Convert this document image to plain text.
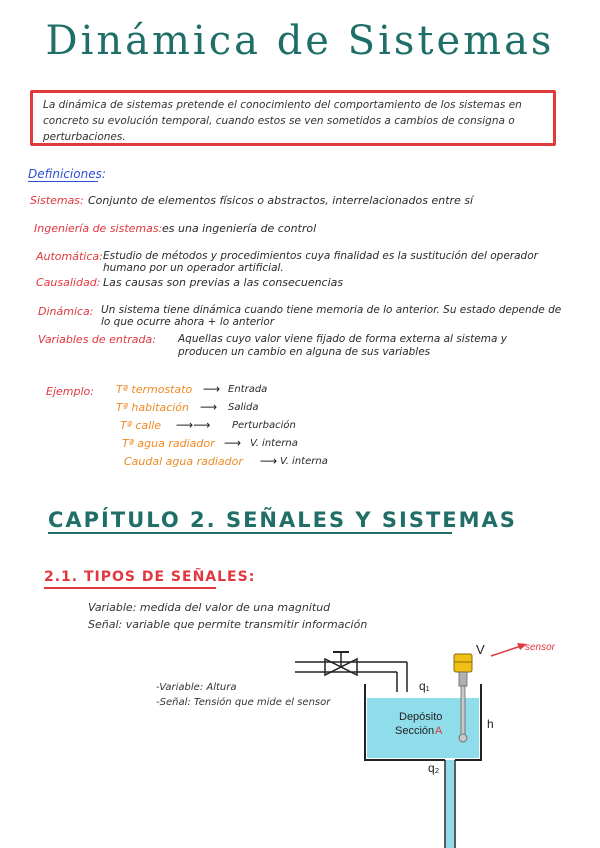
Dinámica de Sistemas
La dinámica de sistemas pretende el conocimiento del comportamiento de los sistemas en concreto su evolución temporal, cuando estos se ven sometidos a cambios de consigna o perturbaciones.
Definiciones:
Sistemas: Conjunto de elementos físicos o abstractos, interrelacionados entre sí
Ingeniería de sistemas: es una ingeniería de control
Automática: Estudio de métodos y procedimientos cuya finalidad es la sustitución del operador
humano por un operador artificial.
Causalidad: Las causas son previas a las consecuencias
Dinámica: Un sistema tiene dinámica cuando tiene memoria de lo anterior. Su estado depende de
lo que ocurre ahora + lo anterior
Variables de entrada: Aquellas cuyo valor viene fijado de forma externa al sistema y
producen un cambio en alguna de sus variables
Ejemplo: Tª termostato ⟶ Entrada
Tª habitación ⟶ Salida
Tª calle ⟶⟶ Perturbación
Tª agua radiador ⟶ V. interna
Caudal agua radiador ⟶ V. interna
CAPÍTULO 2. SEÑALES Y SISTEMAS
2.1. TIPOS DE SEÑALES:
Variable: medida del valor de una magnitud
Señal: variable que permite transmitir información
-Variable: Altura
-Señal: Tensión que mide el sensor
V	sensor
q₁
h
q₂
Depósito
Sección A
